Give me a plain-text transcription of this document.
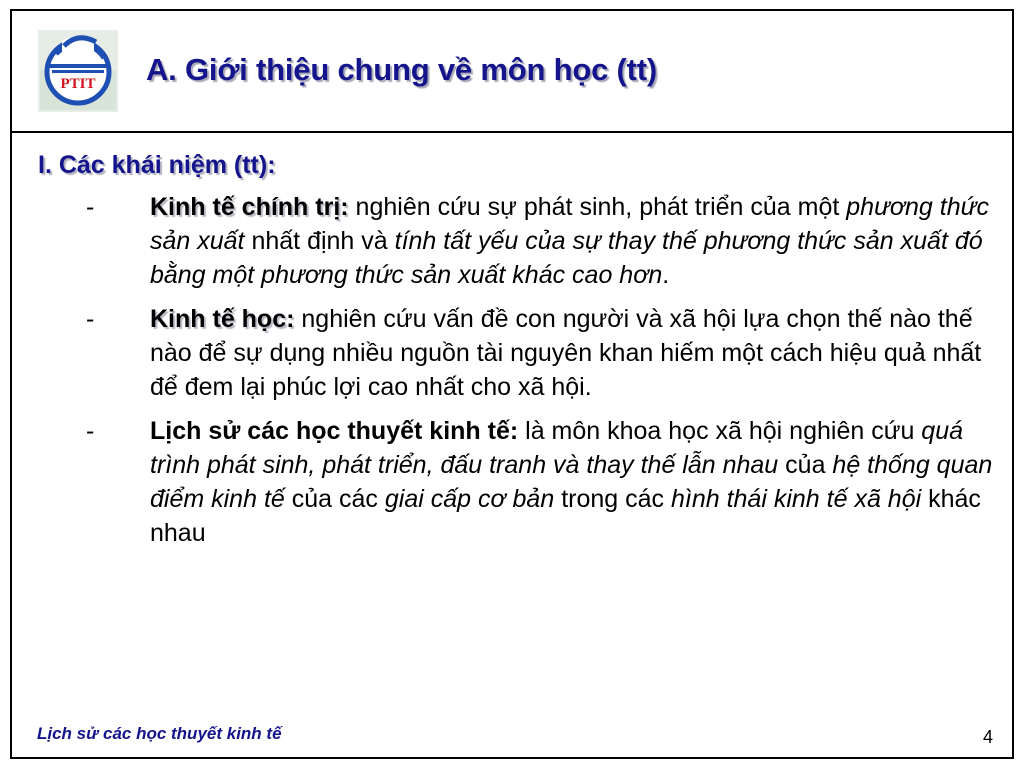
PTIT A. Giới thiệu chung về môn học (tt)

I. Các khái niệm (tt):

-	Kinh tế chính trị: nghiên cứu sự phát sinh, phát triển của một phương thức sản xuất nhất định và tính tất yếu của sự thay thế phương thức sản xuất đó bằng một phương thức sản xuất khác cao hơn.
-	Kinh tế học: nghiên cứu vấn đề con người và xã hội lựa chọn thế nào thế nào để sự dụng nhiều nguồn tài nguyên khan hiếm một cách hiệu quả nhất để đem lại phúc lợi cao nhất cho xã hội.
-	Lịch sử các học thuyết kinh tế: là môn khoa học xã hội nghiên cứu quá trình phát sinh, phát triển, đấu tranh và thay thế lẫn nhau của hệ thống quan điểm kinh tế của các giai cấp cơ bản trong các hình thái kinh tế xã hội khác nhau
Lịch sử các học thuyết kinh tế	4
